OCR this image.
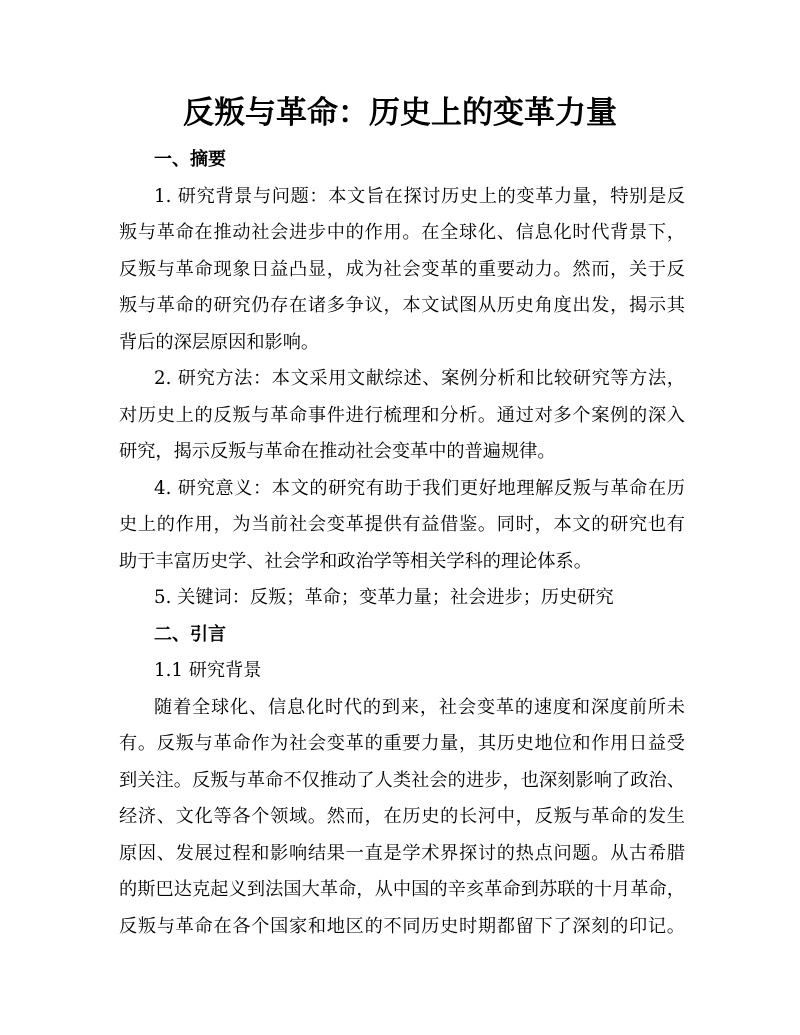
反叛与革命：历史上的变革力量
一、摘要
1. 研究背景与问题：本文旨在探讨历史上的变革力量，特别是反
叛与革命在推动社会进步中的作用。在全球化、信息化时代背景下，
反叛与革命现象日益凸显，成为社会变革的重要动力。然而，关于反
叛与革命的研究仍存在诸多争议，本文试图从历史角度出发，揭示其
背后的深层原因和影响。
2. 研究方法：本文采用文献综述、案例分析和比较研究等方法，
对历史上的反叛与革命事件进行梳理和分析。通过对多个案例的深入
研究，揭示反叛与革命在推动社会变革中的普遍规律。
4. 研究意义：本文的研究有助于我们更好地理解反叛与革命在历
史上的作用，为当前社会变革提供有益借鉴。同时，本文的研究也有
助于丰富历史学、社会学和政治学等相关学科的理论体系。
5. 关键词：反叛；革命；变革力量；社会进步；历史研究
二、引言
1.1 研究背景
随着全球化、信息化时代的到来，社会变革的速度和深度前所未
有。反叛与革命作为社会变革的重要力量，其历史地位和作用日益受
到关注。反叛与革命不仅推动了人类社会的进步，也深刻影响了政治、
经济、文化等各个领域。然而，在历史的长河中，反叛与革命的发生
原因、发展过程和影响结果一直是学术界探讨的热点问题。从古希腊
的斯巴达克起义到法国大革命，从中国的辛亥革命到苏联的十月革命，
反叛与革命在各个国家和地区的不同历史时期都留下了深刻的印记。
